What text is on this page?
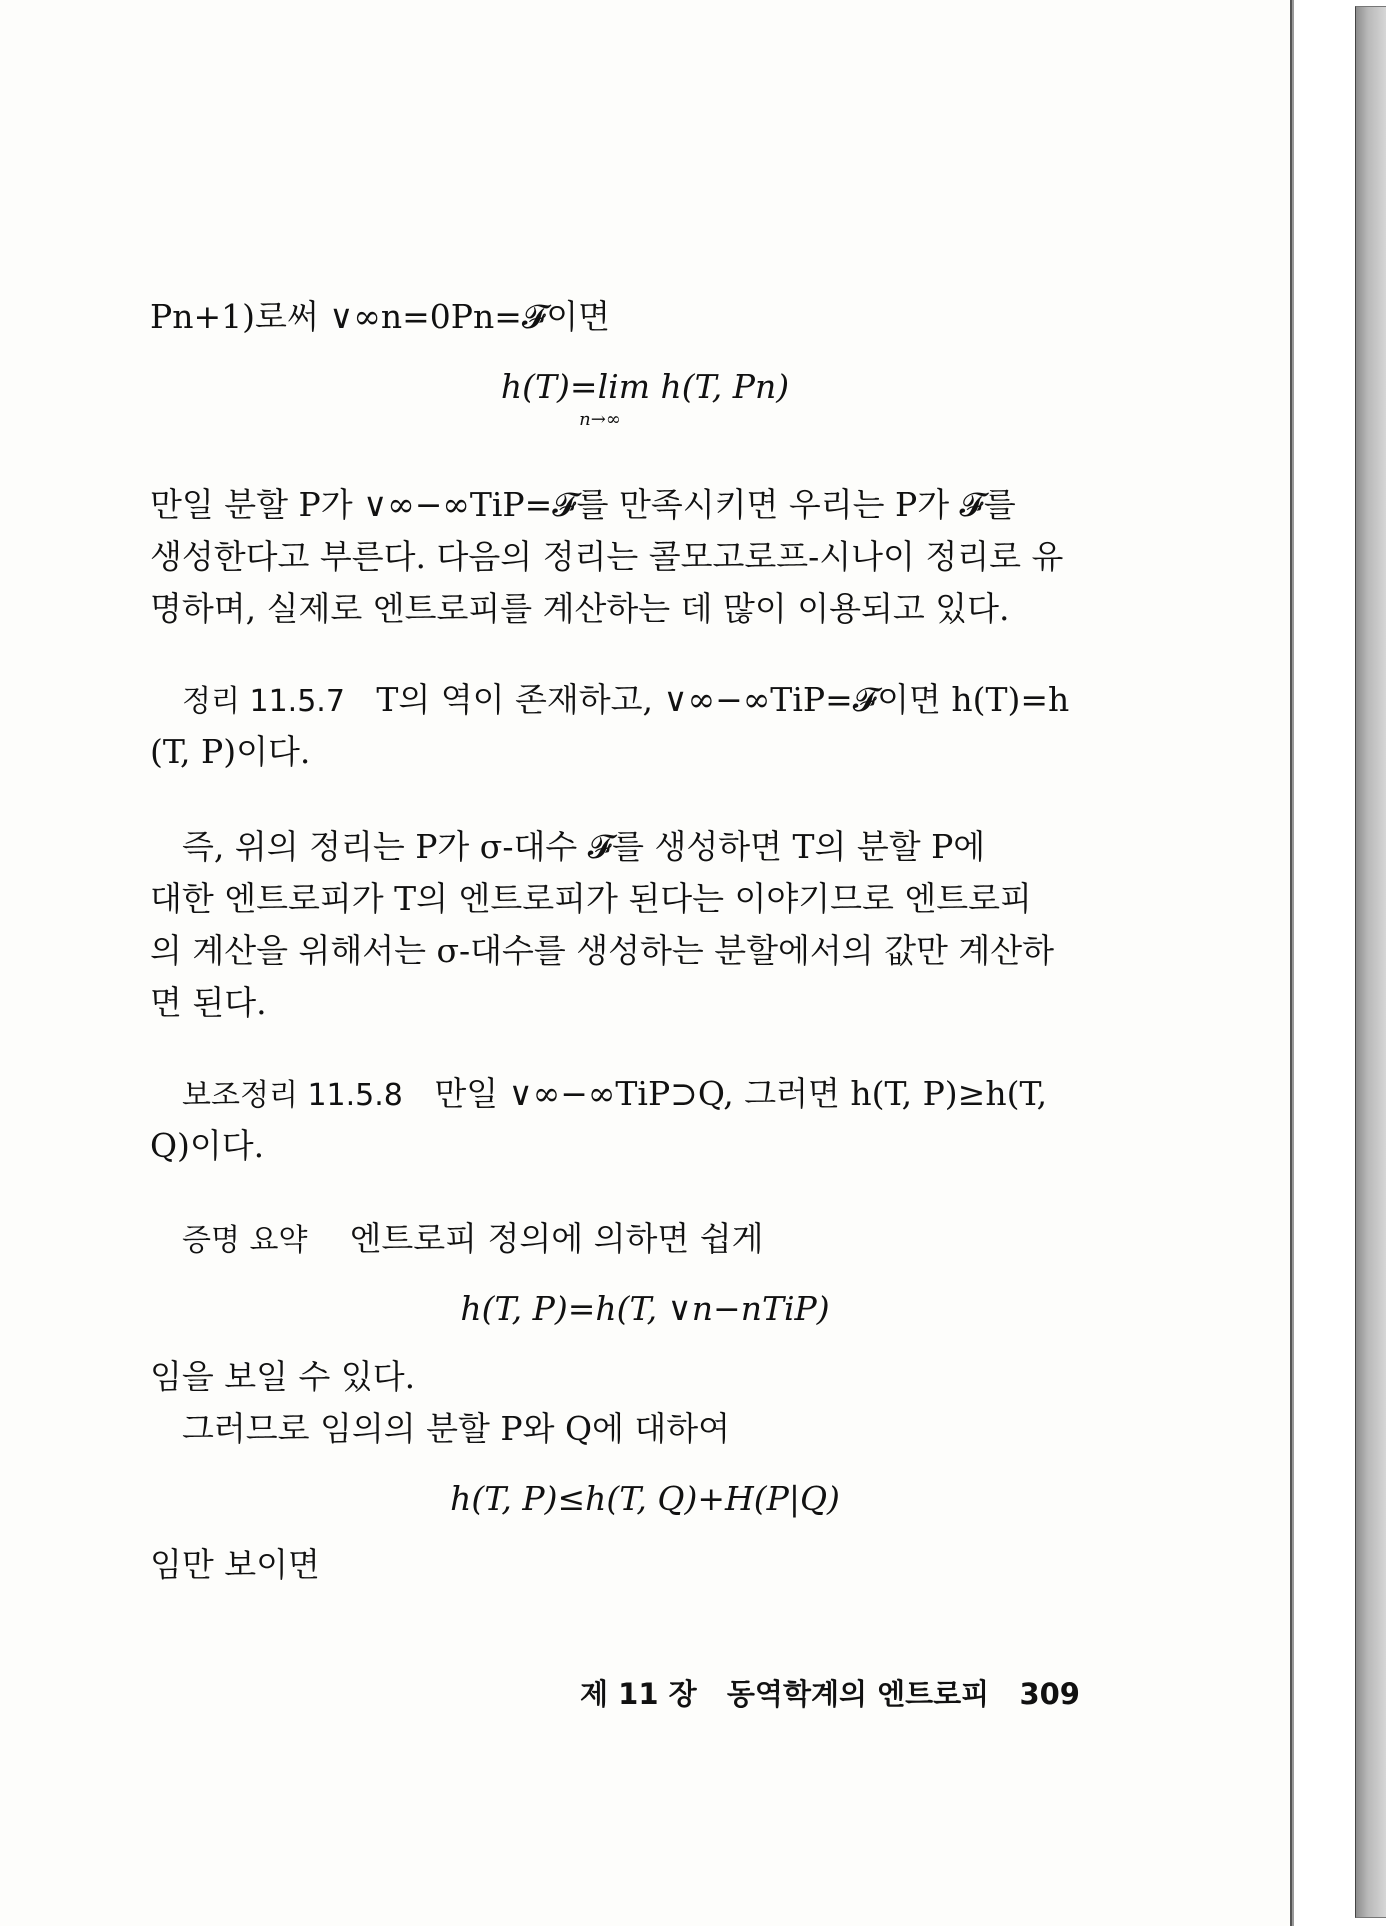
Pn+1)로써 ∨∞n=0Pn=𝓕이면
h(T)=lim h(T, Pn)
n→∞
만일 분할 P가 ∨∞−∞TiP=𝓕를 만족시키면 우리는 P가 𝓕를
생성한다고 부른다. 다음의 정리는 콜모고로프-시나이 정리로 유
명하며, 실제로 엔트로피를 계산하는 데 많이 이용되고 있다.
정리 11.5.7 T의 역이 존재하고, ∨∞−∞TiP=𝓕이면 h(T)=h
(T, P)이다.
즉, 위의 정리는 P가 σ-대수 𝓕를 생성하면 T의 분할 P에
대한 엔트로피가 T의 엔트로피가 된다는 이야기므로 엔트로피
의 계산을 위해서는 σ-대수를 생성하는 분할에서의 값만 계산하
면 된다.
보조정리 11.5.8 만일 ∨∞−∞TiP⊃Q, 그러면 h(T, P)≥h(T,
Q)이다.
증명 요약 엔트로피 정의에 의하면 쉽게
h(T, P)=h(T, ∨n−nTiP)
임을 보일 수 있다.
그러므로 임의의 분할 P와 Q에 대하여
h(T, P)≤h(T, Q)+H(P|Q)
임만 보이면
제 11 장 동역학계의 엔트로피 309
